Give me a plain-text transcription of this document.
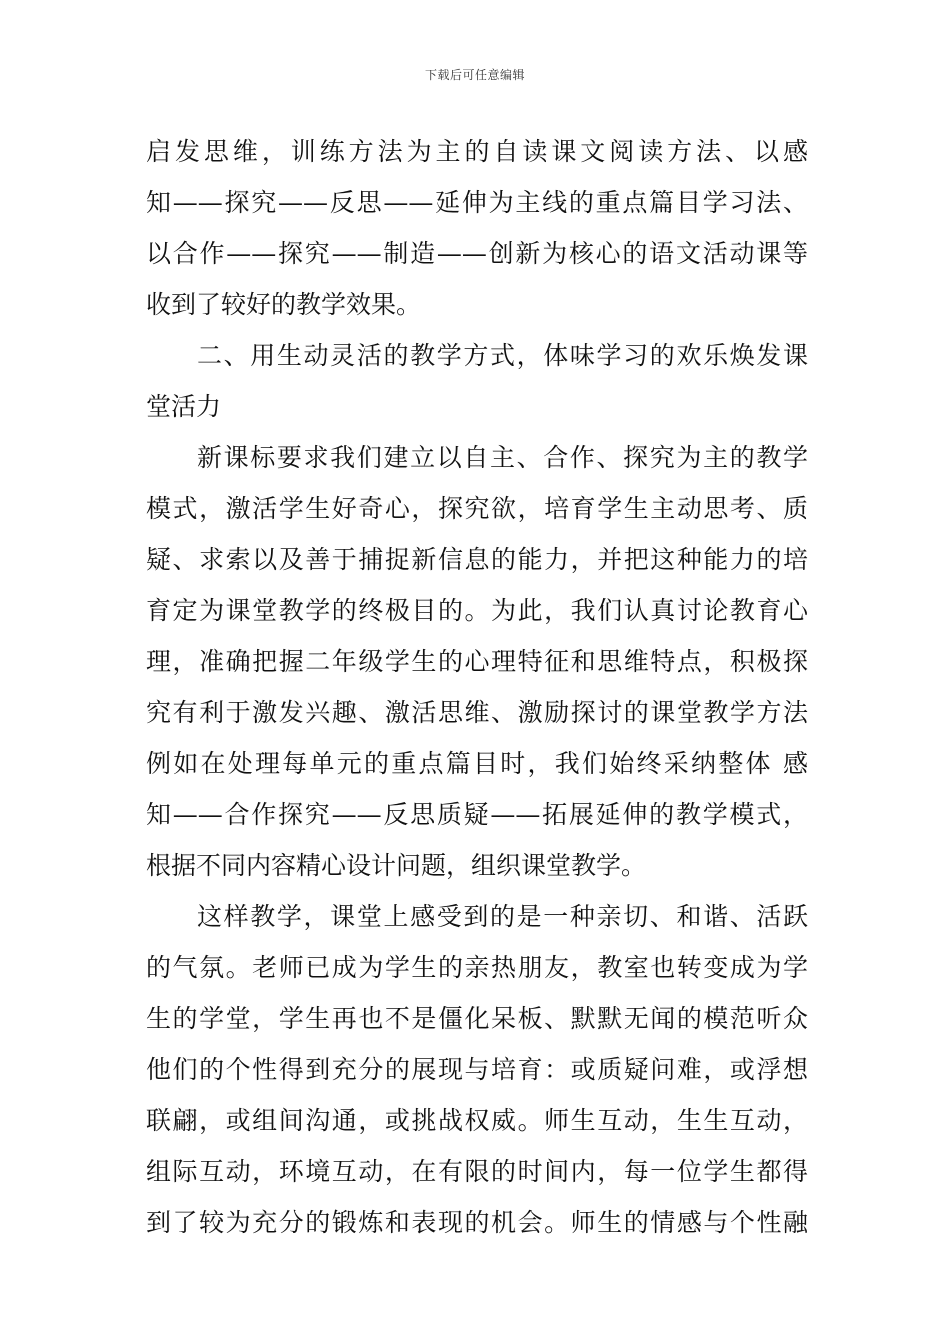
下载后可任意编辑
启发思维，训练方法为主的自读课文阅读方法、以感
知——探究——反思——延伸为主线的重点篇目学习法、
以合作——探究——制造——创新为核心的语文活动课等
收到了较好的教学效果。
二、用生动灵活的教学方式，体味学习的欢乐焕发课
堂活力
新课标要求我们建立以自主、合作、探究为主的教学
模式，激活学生好奇心，探究欲，培育学生主动思考、质
疑、求索以及善于捕捉新信息的能力，并把这种能力的培
育定为课堂教学的终极目的。为此，我们认真讨论教育心
理，准确把握二年级学生的心理特征和思维特点，积极探
究有利于激发兴趣、激活思维、激励探讨的课堂教学方法
例如在处理每单元的重点篇目时，我们始终采纳整体 感
知——合作探究——反思质疑——拓展延伸的教学模式，
根据不同内容精心设计问题，组织课堂教学。
这样教学，课堂上感受到的是一种亲切、和谐、活跃
的气氛。老师已成为学生的亲热朋友，教室也转变成为学
生的学堂，学生再也不是僵化呆板、默默无闻的模范听众
他们的个性得到充分的展现与培育：或质疑问难，或浮想
联翩，或组间沟通，或挑战权威。师生互动，生生互动，
组际互动，环境互动，在有限的时间内，每一位学生都得
到了较为充分的锻炼和表现的机会。师生的情感与个性融
